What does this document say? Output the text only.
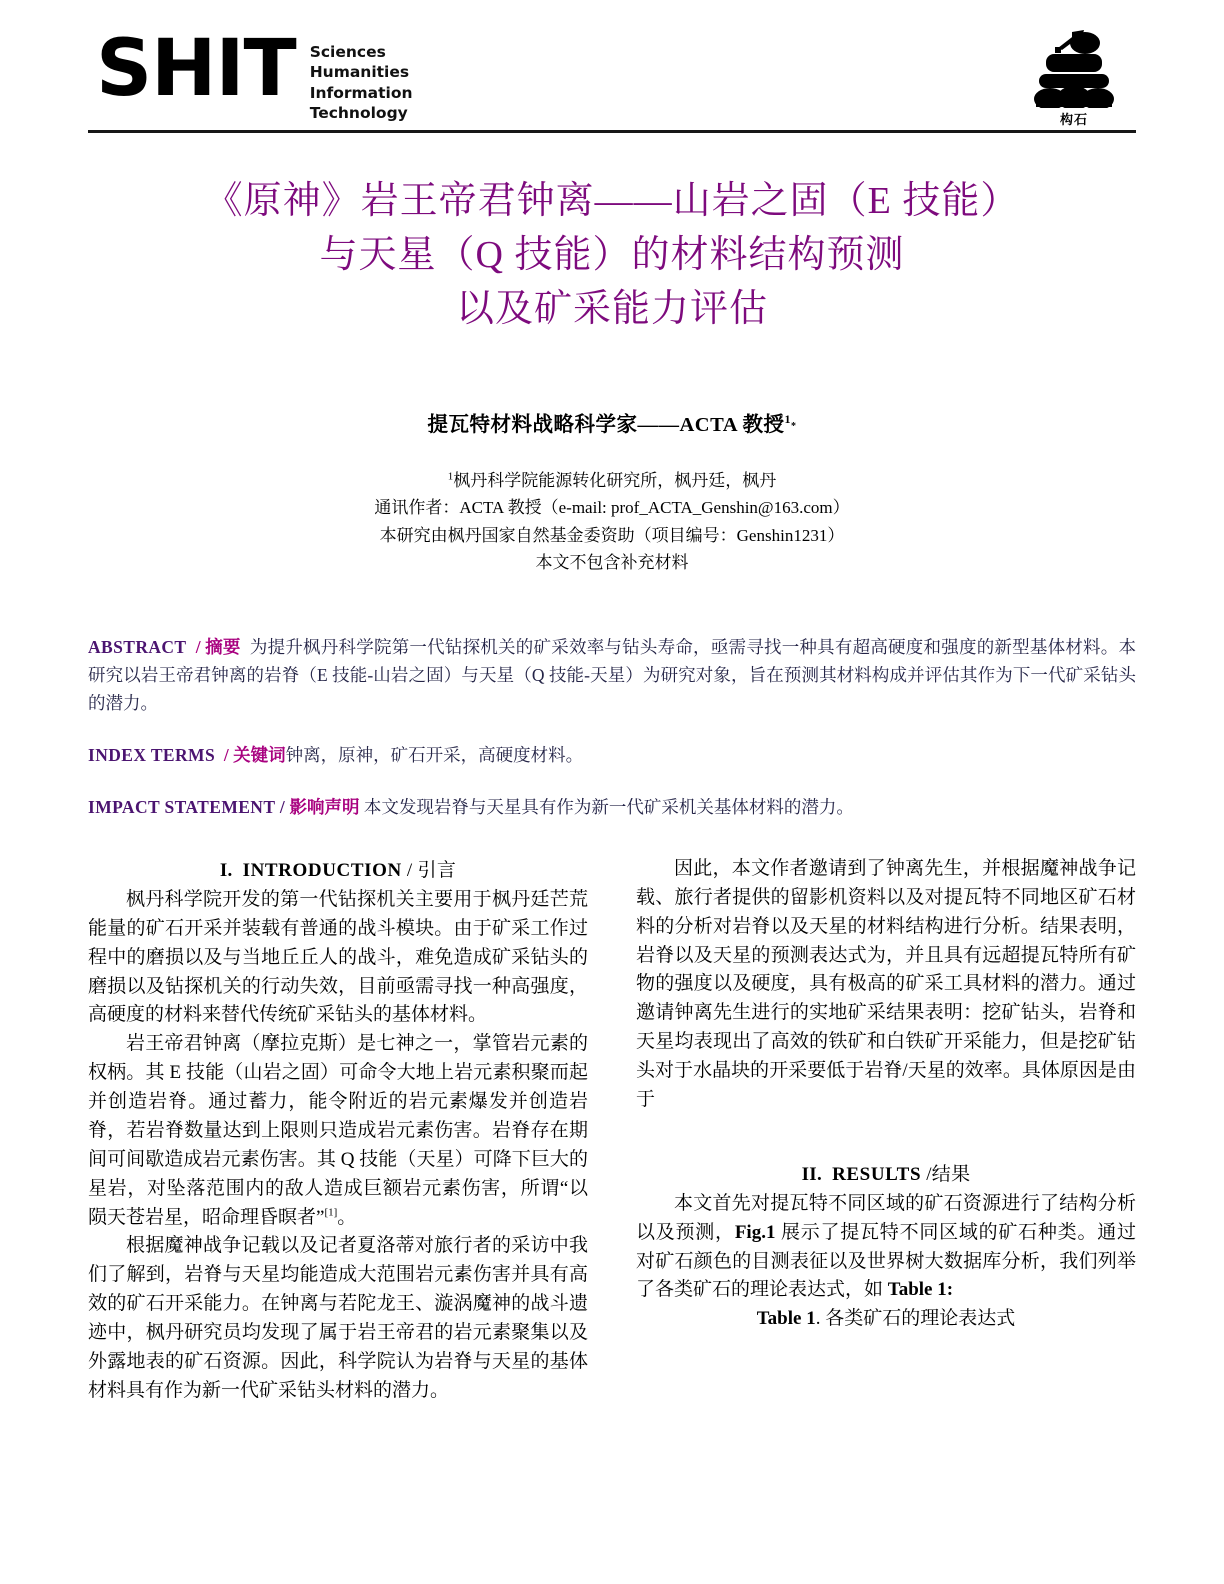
SHIT Sciences
Humanities
Information
Technology	构石
《原神》岩王帝君钟离——山岩之固（E 技能）
与天星（Q 技能）的材料结构预测
以及矿采能力评估
提瓦特材料战略科学家——ACTA 教授$^{1*}$
$^1$枫丹科学院能源转化研究所，枫丹廷，枫丹
通讯作者：ACTA 教授（e-mail: prof_ACTA_Genshin@163.com）
本研究由枫丹国家自然基金委资助（项目编号：Genshin1231）
本文不包含补充材料

ABSTRACT / 摘要 为提升枫丹科学院第一代钻探机关的矿采效率与钻头寿命，亟需寻找一种具有超高硬度和强度的新型基体材料。本研究以岩王帝君钟离的岩脊（E 技能-山岩之固）与天星（Q 技能-天星）为研究对象，旨在预测其材料构成并评估其作为下一代矿采钻头的潜力。

INDEX TERMS / 关键词钟离，原神，矿石开采，高硬度材料。

IMPACT STATEMENT / 影响声明 本文发现岩脊与天星具有作为新一代矿采机关基体材料的潜力。

I. INTRODUCTION / 引言

枫丹科学院开发的第一代钻探机关主要用于枫丹廷芒荒能量的矿石开采并装载有普通的战斗模块。由于矿采工作过程中的磨损以及与当地丘丘人的战斗，难免造成矿采钻头的磨损以及钻探机关的行动失效，目前亟需寻找一种高强度，高硬度的材料来替代传统矿采钻头的基体材料。

岩王帝君钟离（摩拉克斯）是七神之一，掌管岩元素的权柄。其 E 技能（山岩之固）可命令大地上岩元素积聚而起并创造岩脊。通过蓄力，能令附近的岩元素爆发并创造岩脊，若岩脊数量达到上限则只造成岩元素伤害。岩脊存在期间可间歇造成岩元素伤害。其 Q 技能（天星）可降下巨大的星岩，对坠落范围内的敌人造成巨额岩元素伤害，所谓“以陨天苍岩星，昭命理昏暝者”[1]。

根据魔神战争记载以及记者夏洛蒂对旅行者的采访中我们了解到，岩脊与天星均能造成大范围岩元素伤害并具有高效的矿石开采能力。在钟离与若陀龙王、漩涡魔神的战斗遗迹中，枫丹研究员均发现了属于岩王帝君的岩元素聚集以及外露地表的矿石资源。因此，科学院认为岩脊与天星的基体材料具有作为新一代矿采钻头材料的潜力。

因此，本文作者邀请到了钟离先生，并根据魔神战争记载、旅行者提供的留影机资料以及对提瓦特不同地区矿石材料的分析对岩脊以及天星的材料结构进行分析。结果表明，岩脊以及天星的预测表达式为，并且具有远超提瓦特所有矿物的强度以及硬度，具有极高的矿采工具材料的潜力。通过邀请钟离先生进行的实地矿采结果表明：挖矿钻头，岩脊和天星均表现出了高效的铁矿和白铁矿开采能力，但是挖矿钻头对于水晶块的开采要低于岩脊/天星的效率。具体原因是由于

II. RESULTS /结果

本文首先对提瓦特不同区域的矿石资源进行了结构分析以及预测，Fig.1 展示了提瓦特不同区域的矿石种类。通过对矿石颜色的目测表征以及世界树大数据库分析，我们列举了各类矿石的理论表达式，如 Table 1:

Table 1. 各类矿石的理论表达式
